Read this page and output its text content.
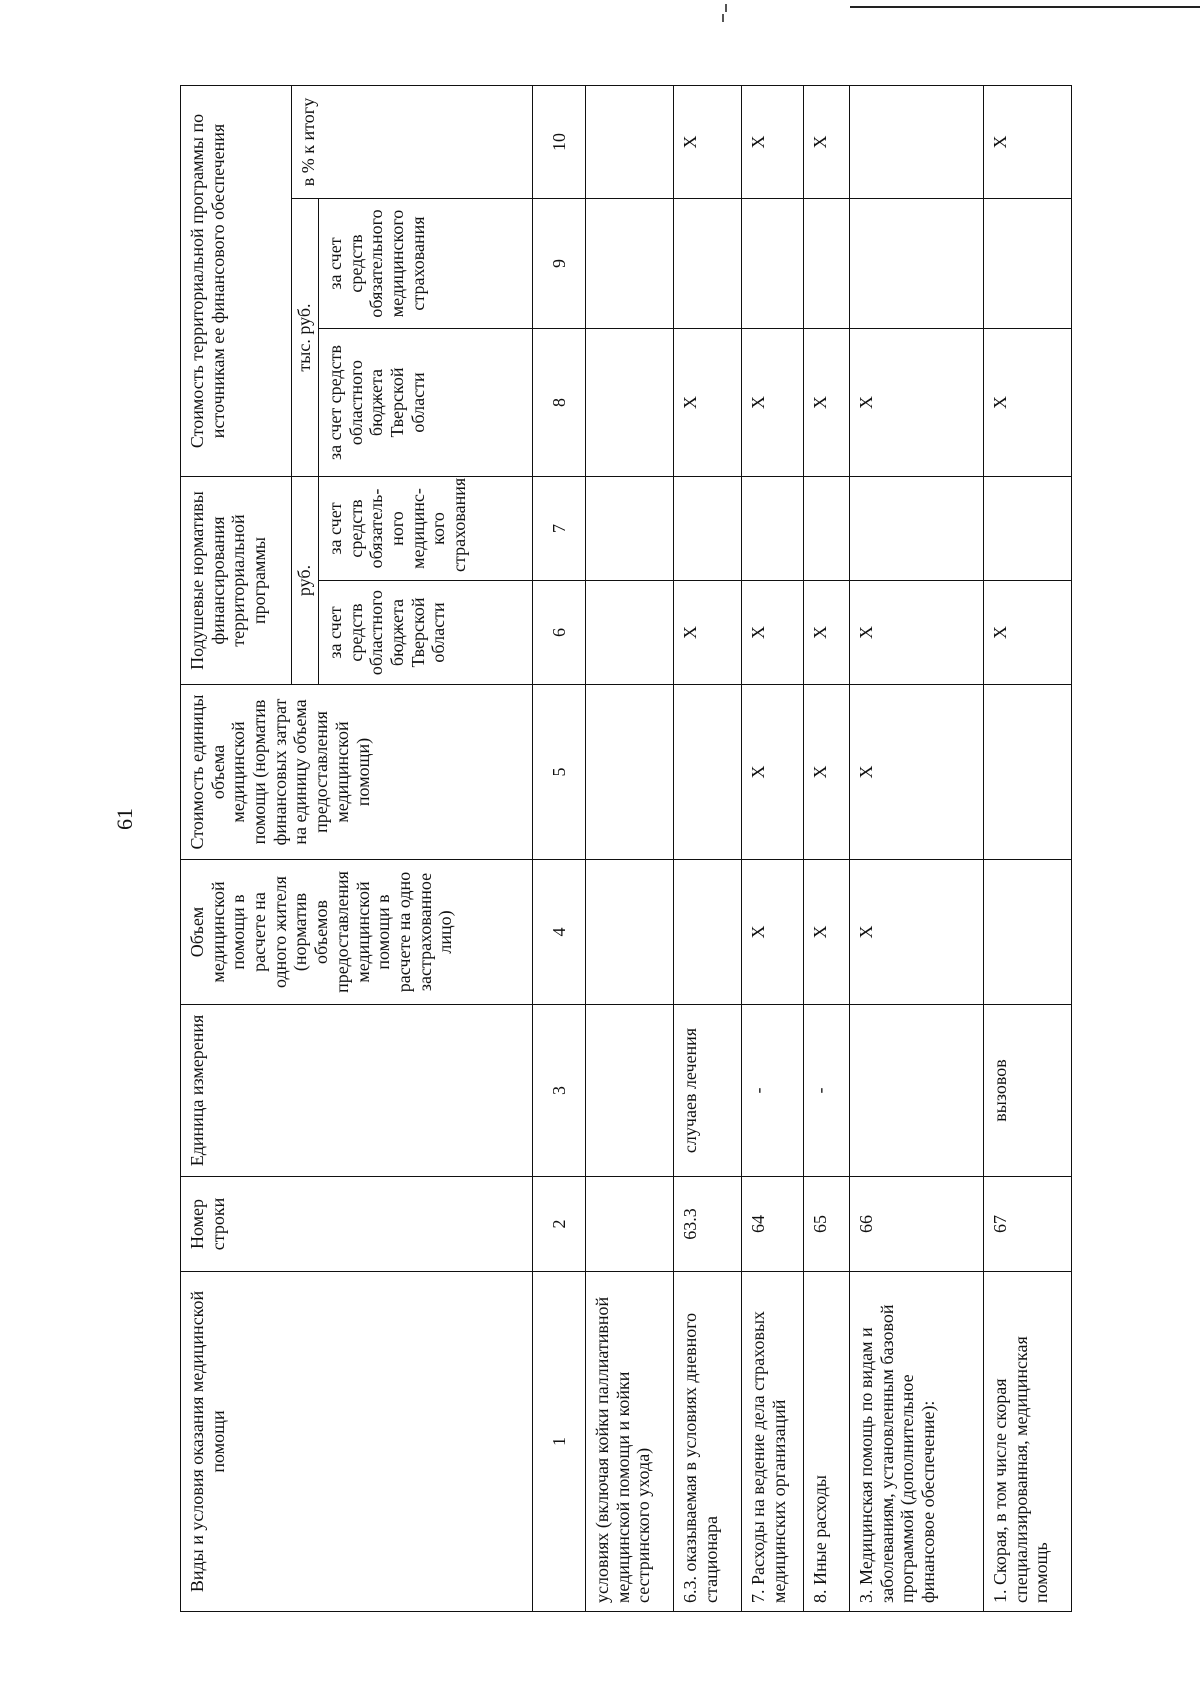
61
Виды и условия оказания медицинской помощи	Номер строки	Единица измерения	Объем медицинской помощи в расчете на одного жителя (норматив объемов предоставления медицинской помощи в расчете на одно застрахованное лицо)	Стоимость единицы объема медицинской помощи (норматив финансовых затрат на единицу объема предоставления медицинской помощи)	Подушевые нормативы финансирования территориальной программы		Стоимость территориальной программы по источникам ее финансового обеспечения		
					руб.		тыс. руб.		в % к итогу
					за счет средств областного бюджета Тверской области	за счет средств обязатель-ного медицинс-кого страхования	за счет средств областного бюджета Тверской области	за счет средств обязательного медицинского страхования	
1	2	3	4	5	6	7	8	9	10
условиях (включая койки паллиативной медицинской помощи и койки сестринского ухода)									
6.3. оказываемая в условиях дневного стационара	63.3	случаев лечения			Х		Х		Х
7. Расходы на ведение дела страховых медицинских организаций	64	-	Х	Х	Х		Х		Х
8. Иные расходы	65	-	Х	Х	Х		Х		Х
3. Медицинская помощь по видам и заболеваниям, установленным базовой программой (дополнительное финансовое обеспечение):	66		Х	Х	Х		Х		
1. Скорая, в том числе скорая специализированная, медицинская помощь	67	вызовов			Х		Х		Х
